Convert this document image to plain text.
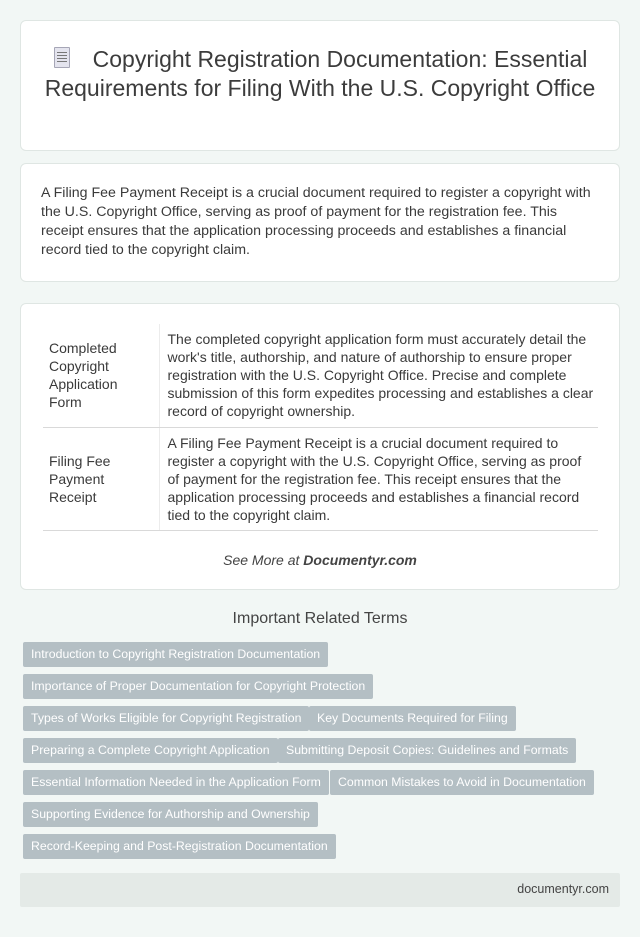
Copyright Registration Documentation: Essential Requirements for Filing With the U.S. Copyright Office

A Filing Fee Payment Receipt is a crucial document required to register a copyright with the U.S. Copyright Office, serving as proof of payment for the registration fee. This receipt ensures that the application processing proceeds and establishes a financial record tied to the copyright claim.

Completed Copyright Application Form	The completed copyright application form must accurately detail the work's title, authorship, and nature of authorship to ensure proper registration with the U.S. Copyright Office. Precise and complete submission of this form expedites processing and establishes a clear record of copyright ownership.
Filing Fee Payment Receipt	A Filing Fee Payment Receipt is a crucial document required to register a copyright with the U.S. Copyright Office, serving as proof of payment for the registration fee. This receipt ensures that the application processing proceeds and establishes a financial record tied to the copyright claim.
See More at Documentyr.com
Important Related Terms
Introduction to Copyright Registration Documentation
Importance of Proper Documentation for Copyright Protection
Types of Works Eligible for Copyright Registration	Key Documents Required for Filing
Preparing a Complete Copyright Application	Submitting Deposit Copies: Guidelines and Formats
Essential Information Needed in the Application Form	Common Mistakes to Avoid in Documentation
Supporting Evidence for Authorship and Ownership
Record-Keeping and Post-Registration Documentation
documentyr.com
